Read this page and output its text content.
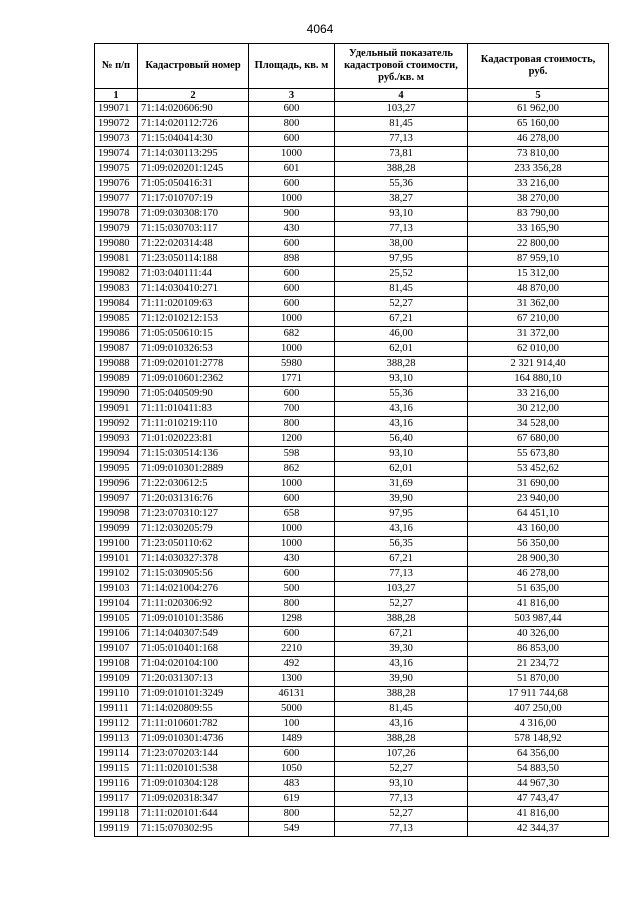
4064
№ п/п	Кадастровый номер	Площадь, кв. м	Удельный показатель кадастровой стоимости, руб./кв. м	Кадастровая стоимость, руб.
1	2	3	4	5
199071	71:14:020606:90	600	103,27	61 962,00
199072	71:14:020112:726	800	81,45	65 160,00
199073	71:15:040414:30	600	77,13	46 278,00
199074	71:14:030113:295	1000	73,81	73 810,00
199075	71:09:020201:1245	601	388,28	233 356,28
199076	71:05:050416:31	600	55,36	33 216,00
199077	71:17:010707:19	1000	38,27	38 270,00
199078	71:09:030308:170	900	93,10	83 790,00
199079	71:15:030703:117	430	77,13	33 165,90
199080	71:22:020314:48	600	38,00	22 800,00
199081	71:23:050114:188	898	97,95	87 959,10
199082	71:03:040111:44	600	25,52	15 312,00
199083	71:14:030410:271	600	81,45	48 870,00
199084	71:11:020109:63	600	52,27	31 362,00
199085	71:12:010212:153	1000	67,21	67 210,00
199086	71:05:050610:15	682	46,00	31 372,00
199087	71:09:010326:53	1000	62,01	62 010,00
199088	71:09:020101:2778	5980	388,28	2 321 914,40
199089	71:09:010601:2362	1771	93,10	164 880,10
199090	71:05:040509:90	600	55,36	33 216,00
199091	71:11:010411:83	700	43,16	30 212,00
199092	71:11:010219:110	800	43,16	34 528,00
199093	71:01:020223:81	1200	56,40	67 680,00
199094	71:15:030514:136	598	93,10	55 673,80
199095	71:09:010301:2889	862	62,01	53 452,62
199096	71:22:030612:5	1000	31,69	31 690,00
199097	71:20:031316:76	600	39,90	23 940,00
199098	71:23:070310:127	658	97,95	64 451,10
199099	71:12:030205:79	1000	43,16	43 160,00
199100	71:23:050110:62	1000	56,35	56 350,00
199101	71:14:030327:378	430	67,21	28 900,30
199102	71:15:030905:56	600	77,13	46 278,00
199103	71:14:021004:276	500	103,27	51 635,00
199104	71:11:020306:92	800	52,27	41 816,00
199105	71:09:010101:3586	1298	388,28	503 987,44
199106	71:14:040307:549	600	67,21	40 326,00
199107	71:05:010401:168	2210	39,30	86 853,00
199108	71:04:020104:100	492	43,16	21 234,72
199109	71:20:031307:13	1300	39,90	51 870,00
199110	71:09:010101:3249	46131	388,28	17 911 744,68
199111	71:14:020809:55	5000	81,45	407 250,00
199112	71:11:010601:782	100	43,16	4 316,00
199113	71:09:010301:4736	1489	388,28	578 148,92
199114	71:23:070203:144	600	107,26	64 356,00
199115	71:11:020101:538	1050	52,27	54 883,50
199116	71:09:010304:128	483	93,10	44 967,30
199117	71:09:020318:347	619	77,13	47 743,47
199118	71:11:020101:644	800	52,27	41 816,00
199119	71:15:070302:95	549	77,13	42 344,37
